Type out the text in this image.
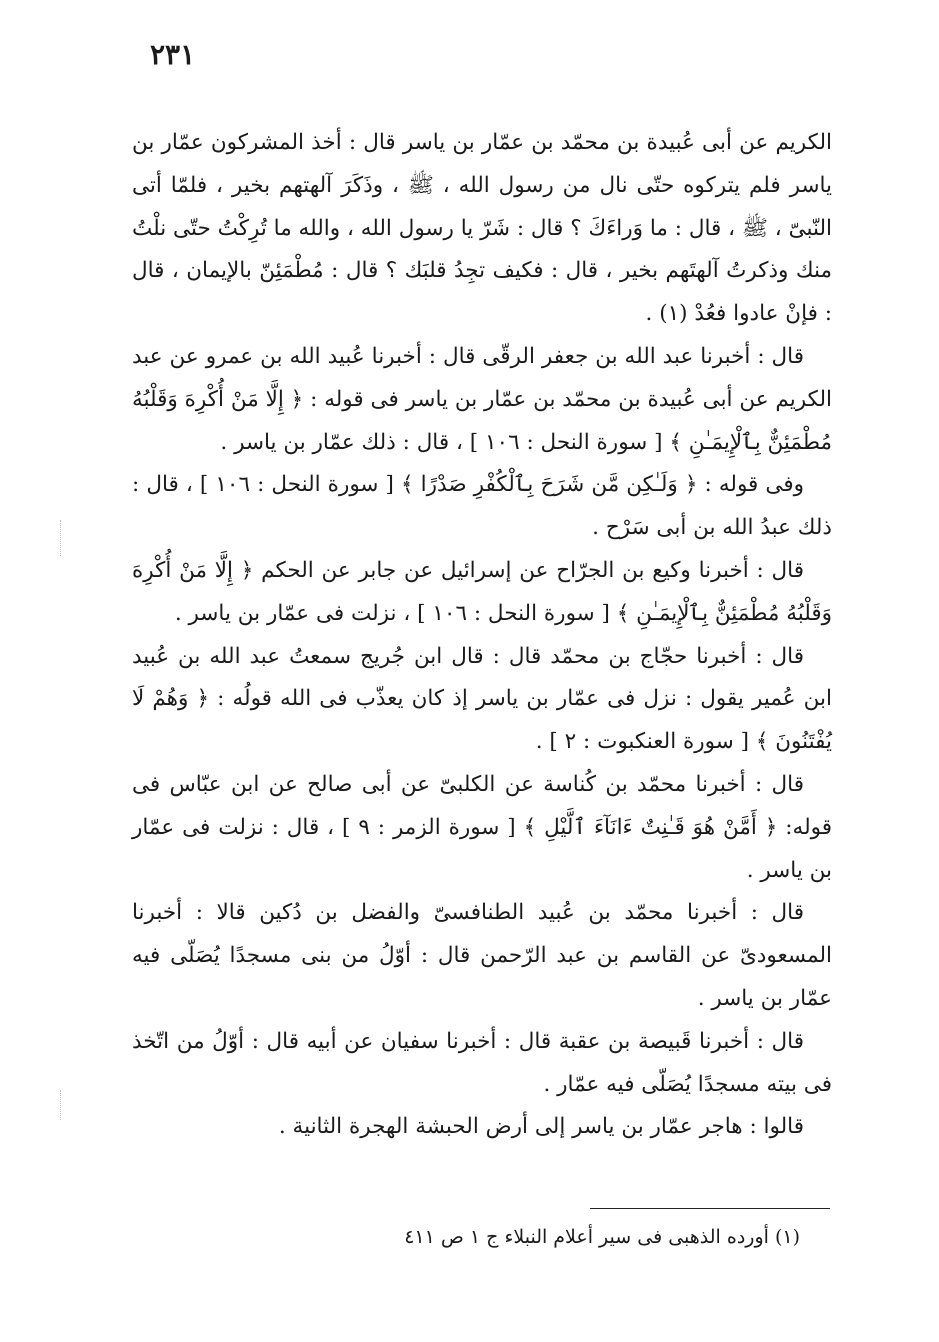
٢٣١

الكريم عن أبى عُبيدة بن محمّد بن عمّار بن ياسر قال : أخذ المشركون عمّار بن ياسر فلم يتركوه حتّى نال من رسول الله ، ﷺ ، وذَكَرَ آلهتهم بخير ، فلمّا أتى النّبىّ ، ﷺ ، قال : ما وَراءَكَ ؟ قال : شَرّ يا رسول الله ، والله ما تُرِكْتُ حتّى نلْتُ منك وذكرتُ آلهتَهم بخير ، قال : فكيف تجِدُ قلبَك ؟ قال : مُطْمَئِنّ بالإيمان ، قال : فإنْ عادوا فعُدْ (١) .

قال : أخبرنا عبد الله بن جعفر الرقّى قال : أخبرنا عُبيد الله بن عمرو عن عبد الكريم عن أبى عُبيدة بن محمّد بن عمّار بن ياسر فى قوله : ﴿ إِلَّا مَنْ أُكْرِهَ وَقَلْبُهُ مُطْمَئِنٌّ بِٱلْإِيمَـٰنِ ﴾ [ سورة النحل : ١٠٦ ] ، قال : ذلك عمّار بن ياسر .

وفى قوله : ﴿ وَلَـٰكِن مَّن شَرَحَ بِٱلْكُفْرِ صَدْرًا ﴾ [ سورة النحل : ١٠٦ ] ، قال : ذلك عبدُ الله بن أبى سَرْح .

قال : أخبرنا وكيع بن الجرّاح عن إسرائيل عن جابر عن الحكم ﴿ إِلَّا مَنْ أُكْرِهَ وَقَلْبُهُ مُطْمَئِنٌّ بِٱلْإِيمَـٰنِ ﴾ [ سورة النحل : ١٠٦ ] ، نزلت فى عمّار بن ياسر .

قال : أخبرنا حجّاج بن محمّد قال : قال ابن جُريج سمعتُ عبد الله بن عُبيد ابن عُمير يقول : نزل فى عمّار بن ياسر إذ كان يعذّب فى الله قولُه : ﴿ وَهُمْ لَا يُفْتَنُونَ ﴾ [ سورة العنكبوت : ٢ ] .

قال : أخبرنا محمّد بن كُناسة عن الكلبىّ عن أبى صالح عن ابن عبّاس فى قوله: ﴿ أَمَّنْ هُوَ قَـٰنِتٌ ءَانَآءَ ٱلَّيْلِ ﴾ [ سورة الزمر : ٩ ] ، قال : نزلت فى عمّار بن ياسر .

قال : أخبرنا محمّد بن عُبيد الطنافسىّ والفضل بن دُكين قالا : أخبرنا المسعودىّ عن القاسم بن عبد الرّحمن قال : أوّلُ من بنى مسجدًا يُصَلّى فيه عمّار بن ياسر .

قال : أخبرنا قَبيصة بن عقبة قال : أخبرنا سفيان عن أبيه قال : أوّلُ من اتّخذ فى بيته مسجدًا يُصَلّى فيه عمّار .

قالوا : هاجر عمّار بن ياسر إلى أرض الحبشة الهجرة الثانية .

(١) أورده الذهبى فى سير أعلام النبلاء ج ١ ص ٤١١
